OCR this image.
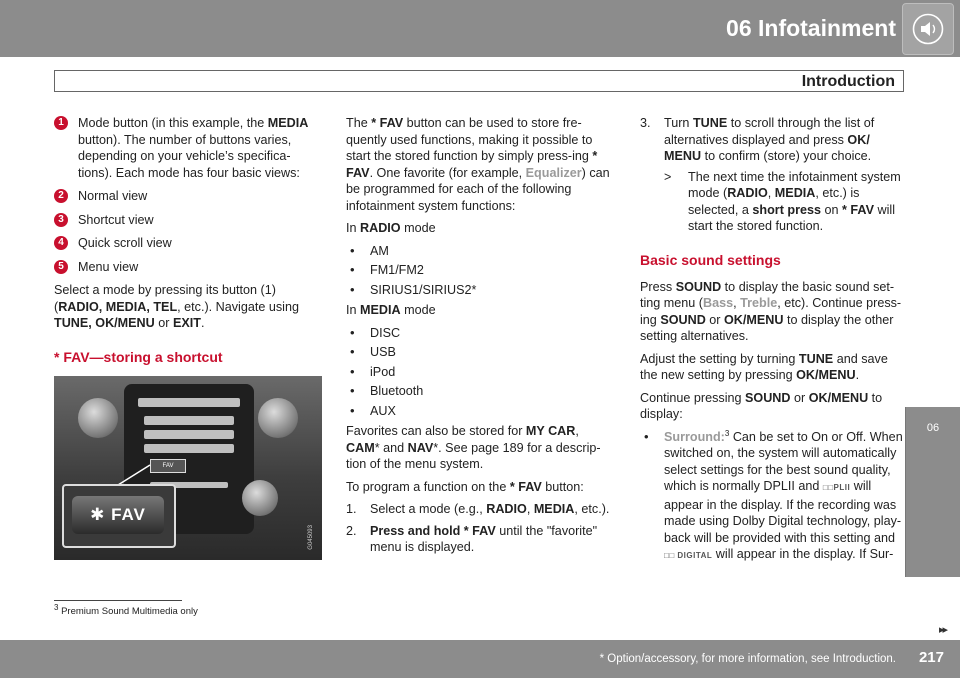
06 Infotainment
Introduction
1	Mode button (in this example, the MEDIA button). The number of buttons varies, depending on your vehicle’s specifica-tions). Each mode has four basic views:
2	Normal view
3	Shortcut view
4	Quick scroll view
5	Menu view

Select a mode by pressing its button (1) (RADIO, MEDIA, TEL, etc.). Navigate using TUNE, OK/MENU or EXIT.

* FAV—storing a shortcut
FAV
✱ FAV
G045093

The * FAV button can be used to store fre-quently used functions, making it possible to start the stored function by simply press-ing * FAV. One favorite (for example, Equalizer) can be programmed for each of the following infotainment system functions:

In RADIO mode

• AM
• FM1/FM2
• SIRIUS1/SIRIUS2*

In MEDIA mode

• DISC
• USB
• iPod
• Bluetooth
• AUX

Favorites can also be stored for MY CAR, CAM* and NAV*. See page 189 for a descrip-tion of the menu system.

To program a function on the * FAV button:

1. Select a mode (e.g., RADIO, MEDIA, etc.).
2. Press and hold * FAV until the "favorite" menu is displayed.
3. Turn TUNE to scroll through the list of alternatives displayed and press OK/ MENU to confirm (store) your choice.
> The next time the infotainment system mode (RADIO, MEDIA, etc.) is selected, a short press on * FAV will start the stored function.
Basic sound settings

Press SOUND to display the basic sound set-ting menu (Bass, Treble, etc). Continue press-ing SOUND or OK/MENU to display the other setting alternatives.

Adjust the setting by turning TUNE and save the new setting by pressing OK/MENU.

Continue pressing SOUND or OK/MENU to display:

• Surround:$^3$ Can be set to On or Off. When switched on, the system will automatically select settings for the best sound quality, which is normally DPLII and □□PLII will appear in the display. If the recording was made using Dolby Digital technology, play-back will be provided with this setting and □□ DIGITAL will appear in the display. If Sur-
06
$^3$ Premium Sound Multimedia only
▸▸
* Option/accessory, for more information, see Introduction. 217
